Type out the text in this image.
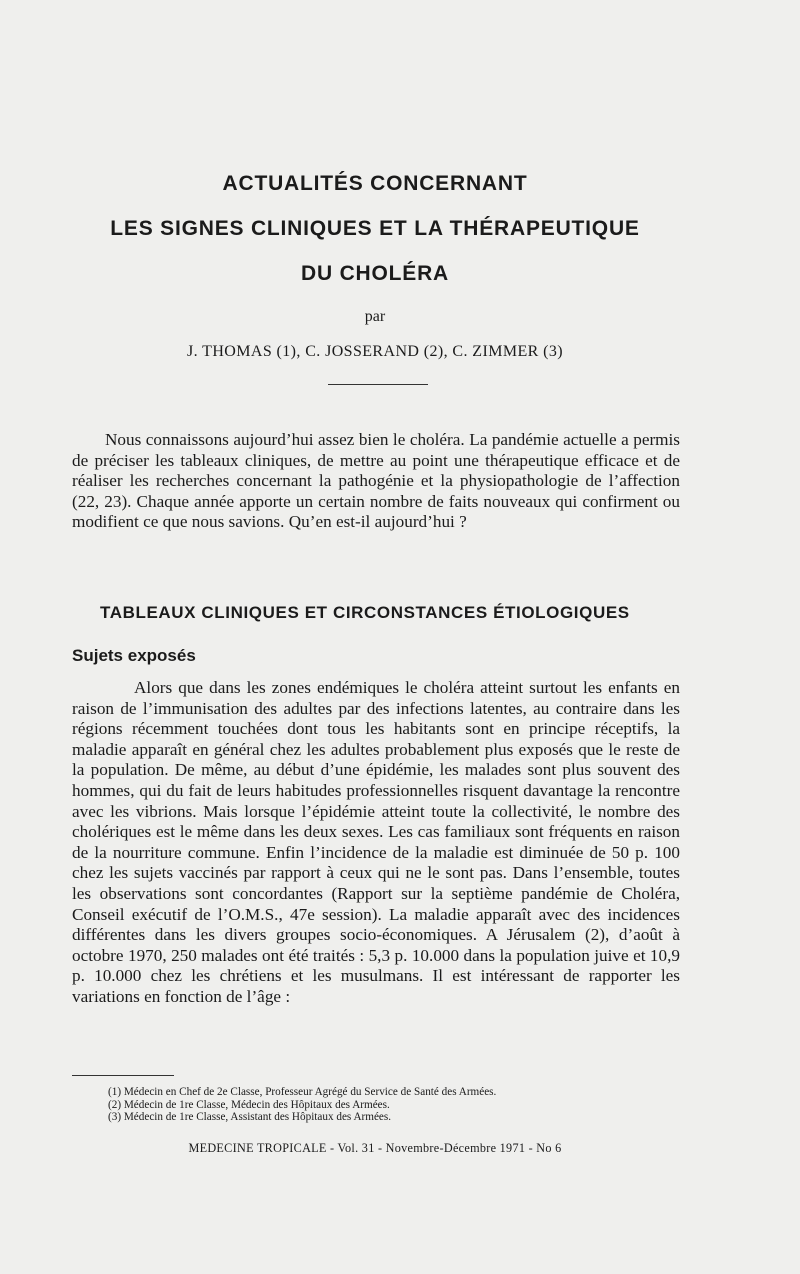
ACTUALITÉS CONCERNANT
LES SIGNES CLINIQUES ET LA THÉRAPEUTIQUE
DU CHOLÉRA

par

J. THOMAS (1), C. JOSSERAND (2), C. ZIMMER (3)

Nous connaissons aujourd’hui assez bien le choléra. La pandémie actuelle a permis de préciser les tableaux cliniques, de mettre au point une thérapeutique efficace et de réaliser les recherches concernant la pathogénie et la physiopathologie de l’affection (22, 23). Chaque année apporte un certain nombre de faits nouveaux qui confirment ou modifient ce que nous savions. Qu’en est-il aujourd’hui ?

TABLEAUX CLINIQUES ET CIRCONSTANCES ÉTIOLOGIQUES
Sujets exposés

Alors que dans les zones endémiques le choléra atteint surtout les enfants en raison de l’immunisation des adultes par des infections latentes, au contraire dans les régions récemment touchées dont tous les habitants sont en principe réceptifs, la maladie apparaît en général chez les adultes probablement plus exposés que le reste de la population. De même, au début d’une épidémie, les malades sont plus souvent des hommes, qui du fait de leurs habitudes professionnelles risquent davantage la rencontre avec les vibrions. Mais lorsque l’épidémie atteint toute la collectivité, le nombre des cholériques est le même dans les deux sexes. Les cas familiaux sont fréquents en raison de la nourriture commune. Enfin l’incidence de la maladie est diminuée de 50 p. 100 chez les sujets vaccinés par rapport à ceux qui ne le sont pas. Dans l’ensemble, toutes les observations sont concordantes (Rapport sur la septième pandémie de Choléra, Conseil exécutif de l’O.M.S., 47e session). La maladie apparaît avec des incidences différentes dans les divers groupes socio-économiques. A Jérusalem (2), d’août à octobre 1970, 250 malades ont été traités : 5,3 p. 10.000 dans la population juive et 10,9 p. 10.000 chez les chrétiens et les musulmans. Il est intéressant de rapporter les variations en fonction de l’âge :

(1) Médecin en Chef de 2e Classe, Professeur Agrégé du Service de Santé des Armées.
(2) Médecin de 1re Classe, Médecin des Hôpitaux des Armées.
(3) Médecin de 1re Classe, Assistant des Hôpitaux des Armées.

MEDECINE TROPICALE - Vol. 31 - Novembre-Décembre 1971 - No 6
